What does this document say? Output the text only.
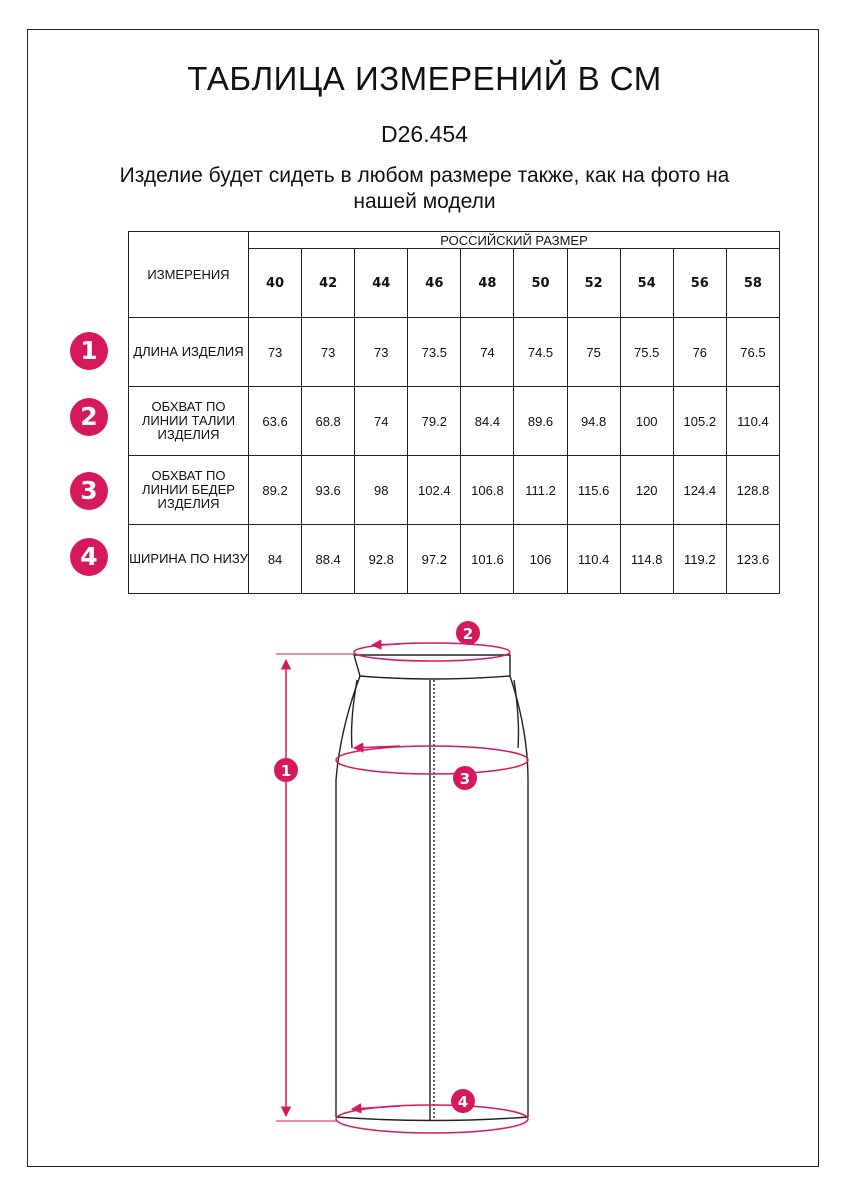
ТАБЛИЦА ИЗМЕРЕНИЙ В СМ
D26.454
Изделие будет сидеть в любом размере также, как на фото на нашей модели
ИЗМЕРЕНИЯ	РОССИЙСКИЙ РАЗМЕР									
	40	42	44	46	48	50	52	54	56	58
ДЛИНА ИЗДЕЛИЯ	73	73	73	73.5	74	74.5	75	75.5	76	76.5
ОБХВАТ ПО ЛИНИИ ТАЛИИ ИЗДЕЛИЯ	63.6	68.8	74	79.2	84.4	89.6	94.8	100	105.2	110.4
ОБХВАТ ПО ЛИНИИ БЕДЕР ИЗДЕЛИЯ	89.2	93.6	98	102.4	106.8	111.2	115.6	120	124.4	128.8
ШИРИНА ПО НИЗУ	84	88.4	92.8	97.2	101.6	106	110.4	114.8	119.2	123.6
1
2
3
4
1
2
3
4
